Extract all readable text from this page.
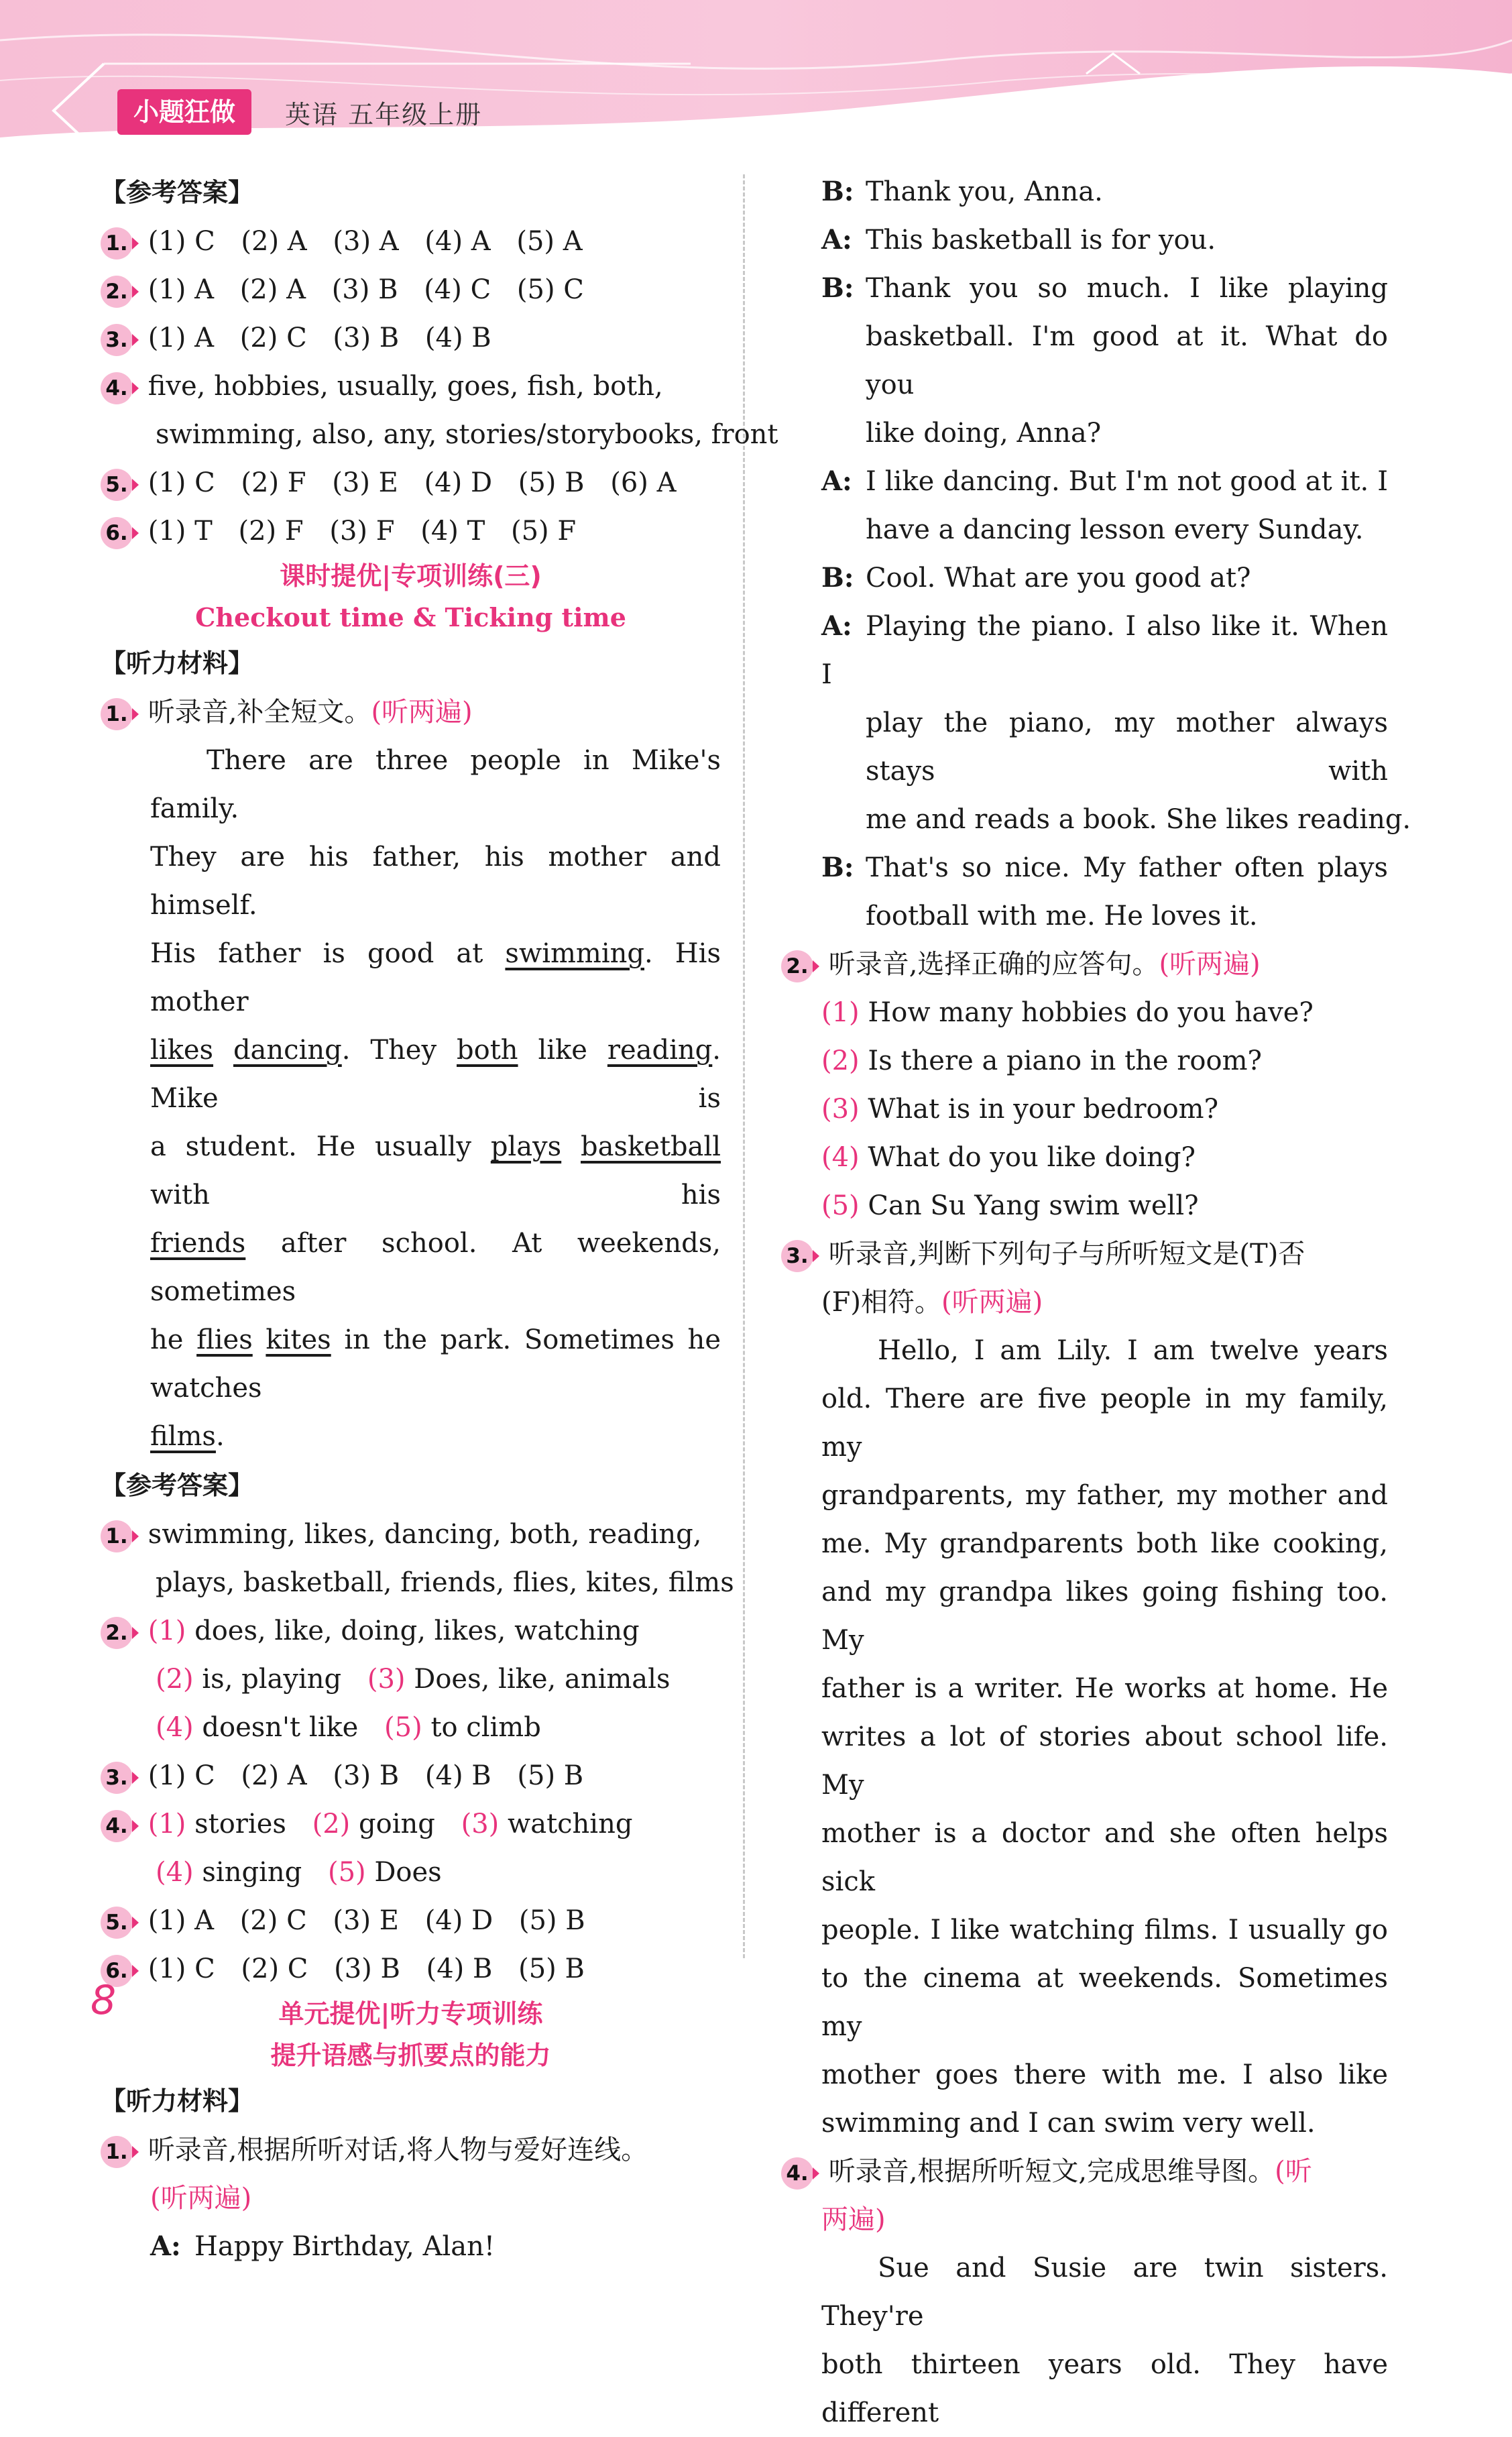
小题狂做	英语 五年级上册
【参考答案】
1. (1) C (2) A (3) A (4) A (5) A
2. (1) A (2) A (3) B (4) C (5) C
3. (1) A (2) C (3) B (4) B
4. five, hobbies, usually, goes, fish, both,
swimming, also, any, stories/storybooks, front
5. (1) C (2) F (3) E (4) D (5) B (6) A
6. (1) T (2) F (3) F (4) T (5) F
课时提优|专项训练(三)
Checkout time & Ticking time
【听力材料】
1. 听录音,补全短文。(听两遍)
There are three people in Mike's family.
They are his father, his mother and himself.
His father is good at swimming. His mother
likes dancing. They both like reading. Mike is
a student. He usually plays basketball with his
friends after school. At weekends, sometimes
he flies kites in the park. Sometimes he watches
films.
【参考答案】
1. swimming, likes, dancing, both, reading,
plays, basketball, friends, flies, kites, films
2. (1) does, like, doing, likes, watching
(2) is, playing (3) Does, like, animals
(4) doesn't like (5) to climb
3. (1) C (2) A (3) B (4) B (5) B
4. (1) stories (2) going (3) watching
(4) singing (5) Does
5. (1) A (2) C (3) E (4) D (5) B
6. (1) C (2) C (3) B (4) B (5) B
单元提优|听力专项训练
提升语感与抓要点的能力
【听力材料】
1. 听录音,根据所听对话,将人物与爱好连线。
(听两遍)
A: Happy Birthday, Alan!
B: Thank you, Anna.
A: This basketball is for you.
B: Thank you so much. I like playing
basketball. I'm good at it. What do you
like doing, Anna?
A: I like dancing. But I'm not good at it. I
have a dancing lesson every Sunday.
B: Cool. What are you good at?
A: Playing the piano. I also like it. When I
play the piano, my mother always stays with
me and reads a book. She likes reading.
B: That's so nice. My father often plays
football with me. He loves it.
2. 听录音,选择正确的应答句。(听两遍)
(1) How many hobbies do you have?
(2) Is there a piano in the room?
(3) What is in your bedroom?
(4) What do you like doing?
(5) Can Su Yang swim well?
3. 听录音,判断下列句子与所听短文是(T)否
(F)相符。(听两遍)
Hello, I am Lily. I am twelve years
old. There are five people in my family, my
grandparents, my father, my mother and
me. My grandparents both like cooking,
and my grandpa likes going fishing too. My
father is a writer. He works at home. He
writes a lot of stories about school life. My
mother is a doctor and she often helps sick
people. I like watching films. I usually go
to the cinema at weekends. Sometimes my
mother goes there with me. I also like
swimming and I can swim very well.
4. 听录音,根据所听短文,完成思维导图。(听
两遍)
Sue and Susie are twin sisters. They're
both thirteen years old. They have different
8
